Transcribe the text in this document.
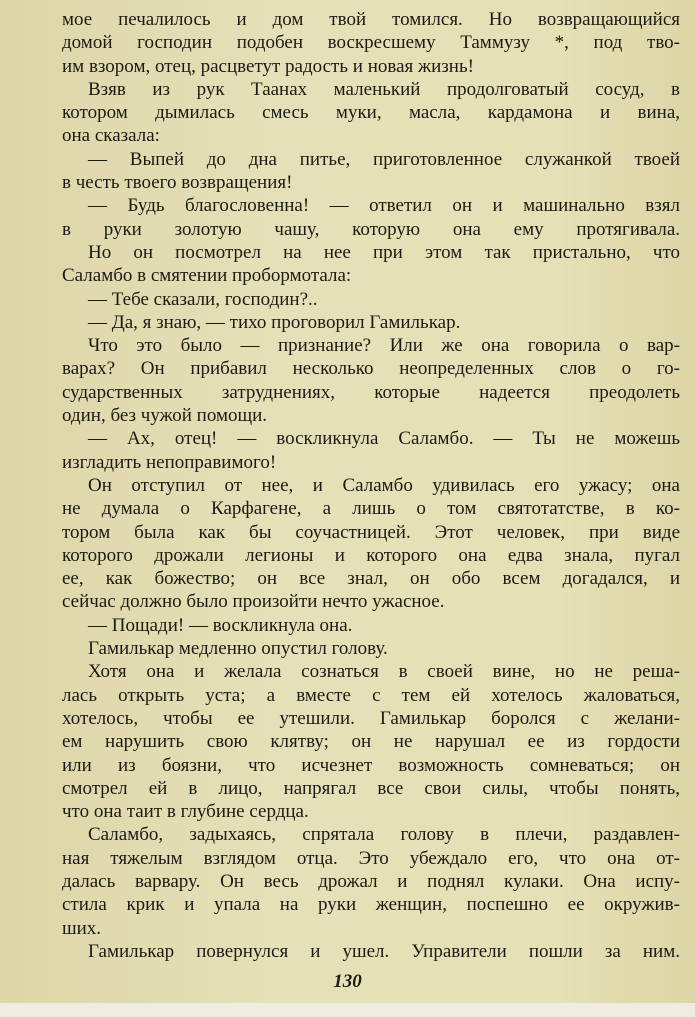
мое печалилось и дом твой томился. Но возвращающийся
домой господин подобен воскресшему Таммузу *, под тво-
им взором, отец, расцветут радость и новая жизнь!
Взяв из рук Таанах маленький продолговатый сосуд, в
котором дымилась смесь муки, масла, кардамона и вина,
она сказала:
— Выпей до дна питье, приготовленное служанкой твоей
в честь твоего возвращения!
— Будь благословенна! — ответил он и машинально взял
в руки золотую чашу, которую она ему протягивала.
Но он посмотрел на нее при этом так пристально, что
Саламбо в смятении пробормотала:
— Тебе сказали, господин?..
— Да, я знаю, — тихо проговорил Гамилькар.
Что это было — признание? Или же она говорила о вар-
варах? Он прибавил несколько неопределенных слов о го-
сударственных затруднениях, которые надеется преодолеть
один, без чужой помощи.
— Ах, отец! — воскликнула Саламбо. — Ты не можешь
изгладить непоправимого!
Он отступил от нее, и Саламбо удивилась его ужасу; она
не думала о Карфагене, а лишь о том святотатстве, в ко-
тором была как бы соучастницей. Этот человек, при виде
которого дрожали легионы и которого она едва знала, пугал
ее, как божество; он все знал, он обо всем догадался, и
сейчас должно было произойти нечто ужасное.
— Пощади! — воскликнула она.
Гамилькар медленно опустил голову.
Хотя она и желала сознаться в своей вине, но не реша-
лась открыть уста; а вместе с тем ей хотелось жаловаться,
хотелось, чтобы ее утешили. Гамилькар боролся с желани-
ем нарушить свою клятву; он не нарушал ее из гордости
или из боязни, что исчезнет возможность сомневаться; он
смотрел ей в лицо, напрягал все свои силы, чтобы понять,
что она таит в глубине сердца.
Саламбо, задыхаясь, спрятала голову в плечи, раздавлен-
ная тяжелым взглядом отца. Это убеждало его, что она от-
далась варвару. Он весь дрожал и поднял кулаки. Она испу-
стила крик и упала на руки женщин, поспешно ее окружив-
ших.
Гамилькар повернулся и ушел. Управители пошли за ним.
130
